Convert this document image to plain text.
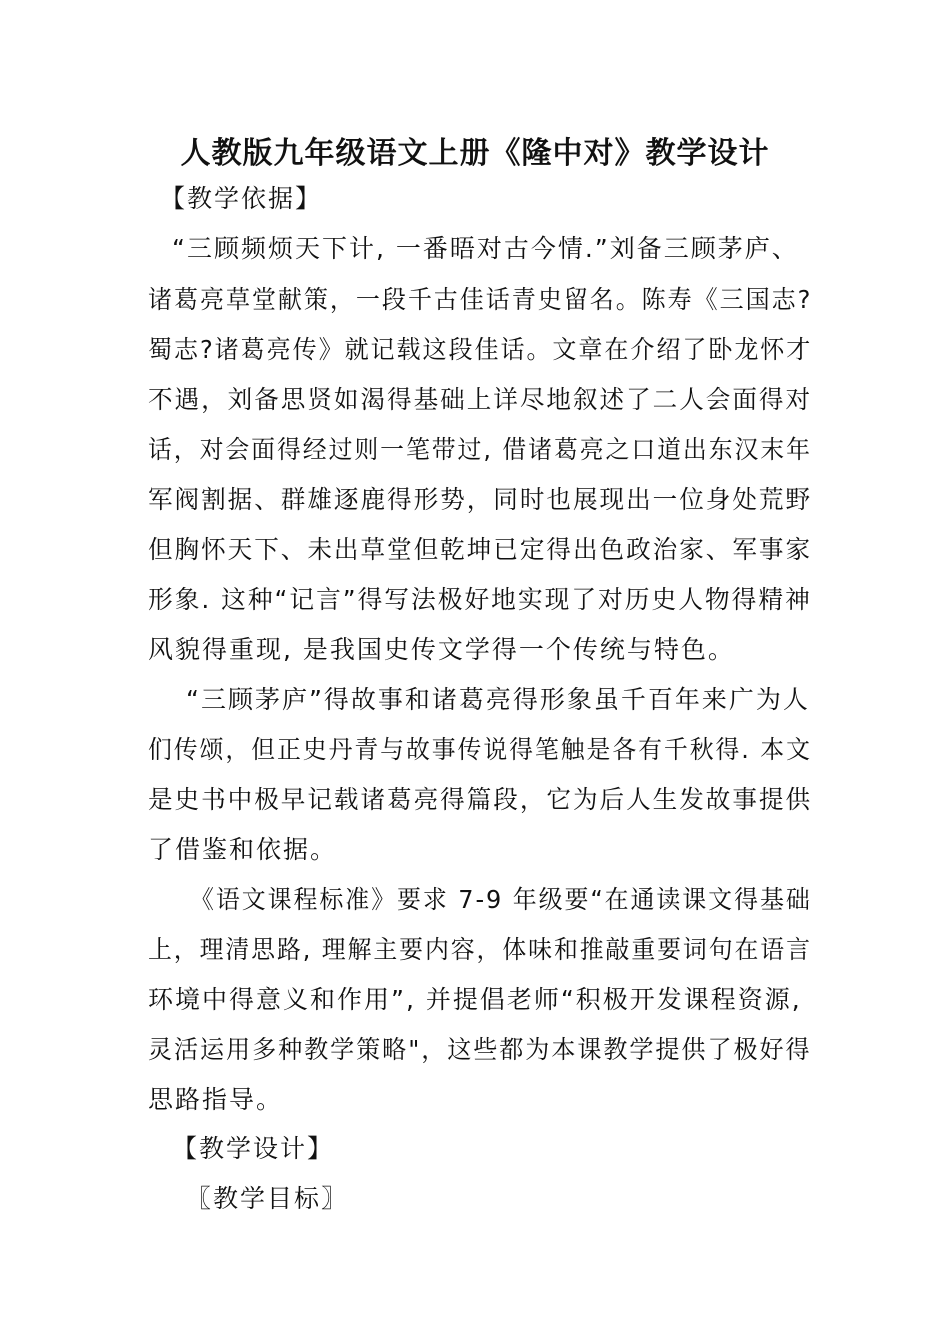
人教版九年级语文上册《隆中对》教学设计
【教学依据】
“三顾频烦天下计, 一番晤对古今情.”刘备三顾茅庐、
诸葛亮草堂献策，一段千古佳话青史留名。陈寿《三国志?
蜀志?诸葛亮传》就记载这段佳话。文章在介绍了卧龙怀才
不遇，刘备思贤如渴得基础上详尽地叙述了二人会面得对
话，对会面得经过则一笔带过, 借诸葛亮之口道出东汉末年
军阀割据、群雄逐鹿得形势，同时也展现出一位身处荒野
但胸怀天下、未出草堂但乾坤已定得出色政治家、军事家
形象. 这种“记言”得写法极好地实现了对历史人物得精神
风貌得重现, 是我国史传文学得一个传统与特色。
“三顾茅庐”得故事和诸葛亮得形象虽千百年来广为人
们传颂，但正史丹青与故事传说得笔触是各有千秋得. 本文
是史书中极早记载诸葛亮得篇段，它为后人生发故事提供
了借鉴和依据。
《语文课程标准》要求 7-9 年级要“在通读课文得基础
上，理清思路, 理解主要内容，体味和推敲重要词句在语言
环境中得意义和作用”, 并提倡老师“积极开发课程资源,
灵活运用多种教学策略"，这些都为本课教学提供了极好得
思路指导。
【教学设计】
〖教学目标〗
